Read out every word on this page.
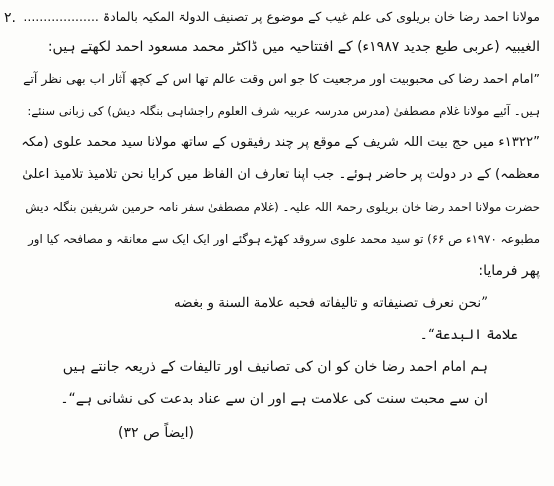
۲. مولانا احمد رضا خان بریلوی کی علم غیب کے موضوع پر تصنیف الدولۃ المکیہ بالمادۃ ...................
الغیبیہ (عربی طبع جدید ۱۹۸۷ء) کے افتتاحیہ میں ڈاکٹر محمد مسعود احمد لکھتے ہیں:
”امام احمد رضا کی محبوبیت اور مرجعیت کا جو اس وقت عالم تھا اس کے کچھ آثار اب بھی نظر آتے
ہیں۔ آئیے مولانا غلام مصطفیٰ (مدرس مدرسہ عربیہ شرف العلوم راجشاہی بنگلہ دیش) کی زبانی سنئے:
”۱۳۲۲ء میں حج بیت اللہ شریف کے موقع پر چند رفیقوں کے ساتھ مولانا سید محمد علوی (مکہ
معظمہ) کے در دولت پر حاضر ہوئے۔ جب اپنا تعارف ان الفاظ میں کرایا نحن تلامیذ تلامیذ اعلیٰ
حضرت مولانا احمد رضا خان بریلوی رحمۃ اللہ علیہ۔ (غلام مصطفیٰ سفر نامہ حرمین شریفین بنگلہ دیش
مطبوعہ ۱۹۷۰ء ص ۶۶) تو سید محمد علوی سروقد کھڑے ہوگئے اور ایک ایک سے معانقہ و مصافحہ کیا اور
پھر فرمایا:
”نحن نعرف تصنیفاته و تالیفاته فحبه علامة السنة و بغضه
علامة البدعة“۔
ہم امام احمد رضا خان کو ان کی تصانیف اور تالیفات کے ذریعہ جانتے ہیں
ان سے محبت سنت کی علامت ہے اور ان سے عناد بدعت کی نشانی ہے“۔
(ایضاً ص ۳۲)
